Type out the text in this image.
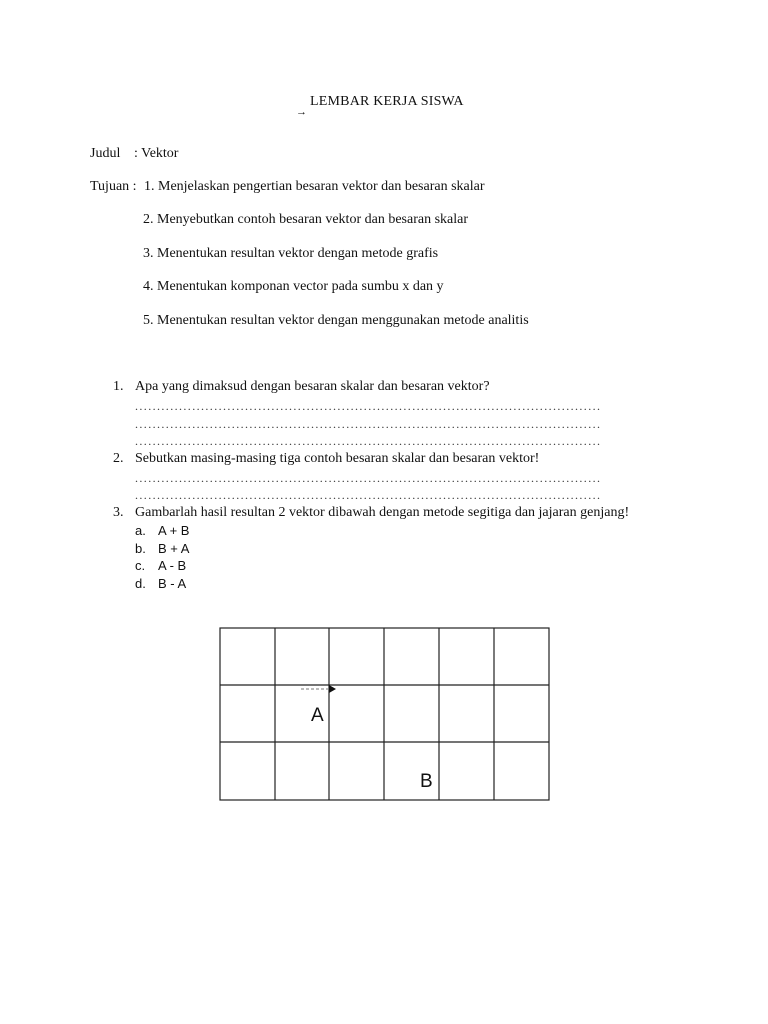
→
LEMBAR KERJA SISWA
Judul : Vektor
Tujuan : 1. Menjelaskan pengertian besaran vektor dan besaran skalar
2. Menyebutkan contoh besaran vektor dan besaran skalar
3. Menentukan resultan vektor dengan metode grafis
4. Menentukan komponan vector pada sumbu x dan y
5. Menentukan resultan vektor dengan menggunakan metode analitis
1. Apa yang dimaksud dengan besaran skalar dan besaran vektor?
..........................................................................................................
..........................................................................................................
..........................................................................................................
2. Sebutkan masing-masing tiga contoh besaran skalar dan besaran vektor!
..........................................................................................................
..........................................................................................................
3. Gambarlah hasil resultan 2 vektor dibawah dengan metode segitiga dan jajaran genjang!
a. A + B
b. B + A
c. A - B
d. B - A
A
B
